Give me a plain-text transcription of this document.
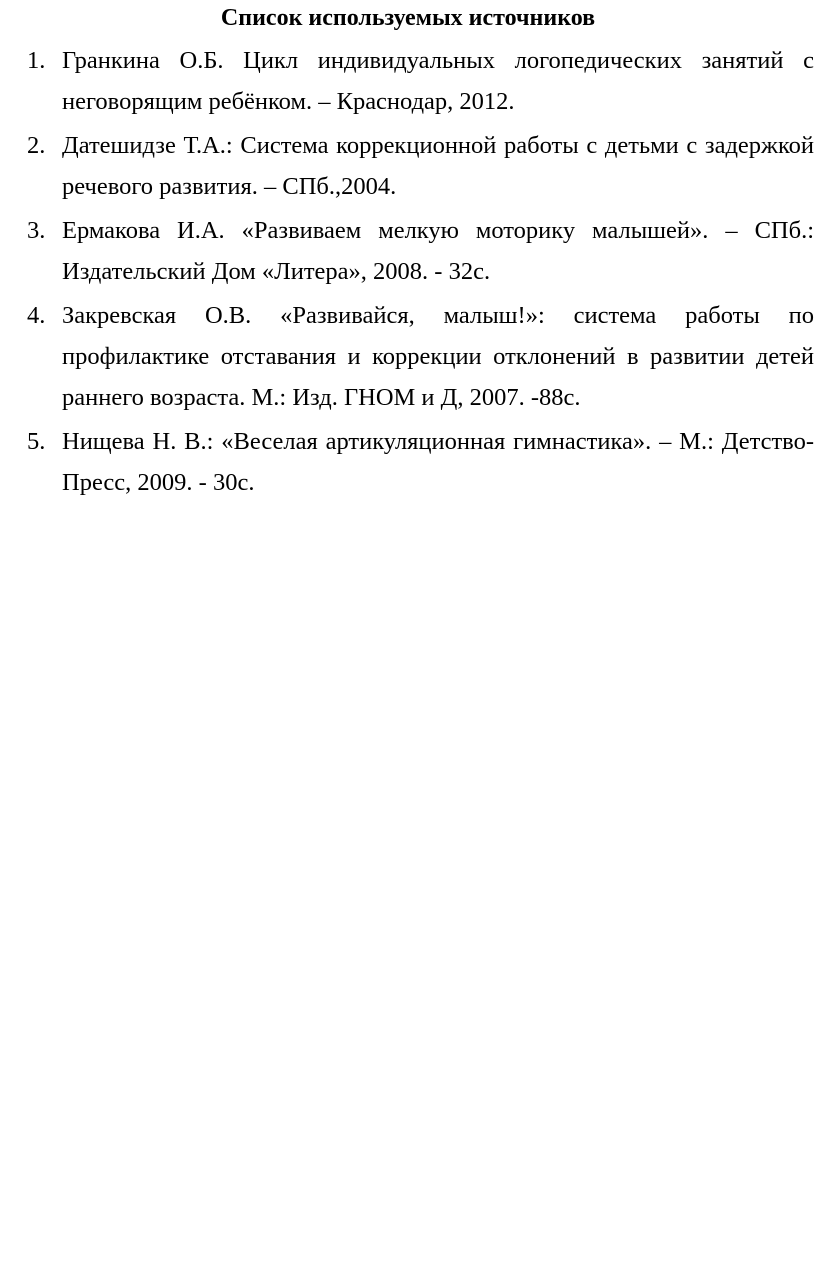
Список используемых источников
1. Гранкина О.Б. Цикл индивидуальных логопедических занятий с неговорящим ребёнком. – Краснодар, 2012.
2. Датешидзе Т.А.: Система коррекционной работы с детьми с задержкой речевого развития. – СПб.,2004.
3. Ермакова И.А. «Развиваем мелкую моторику малышей». – СПб.: Издательский Дом «Литера», 2008. - 32с.
4. Закревская О.В. «Развивайся, малыш!»: система работы по профилактике отставания и коррекции отклонений в развитии детей раннего возраста. М.: Изд. ГНОМ и Д, 2007. -88с.
5. Нищева Н. В.: «Веселая артикуляционная гимнастика». – М.: Детство-Пресс, 2009. - 30с.
